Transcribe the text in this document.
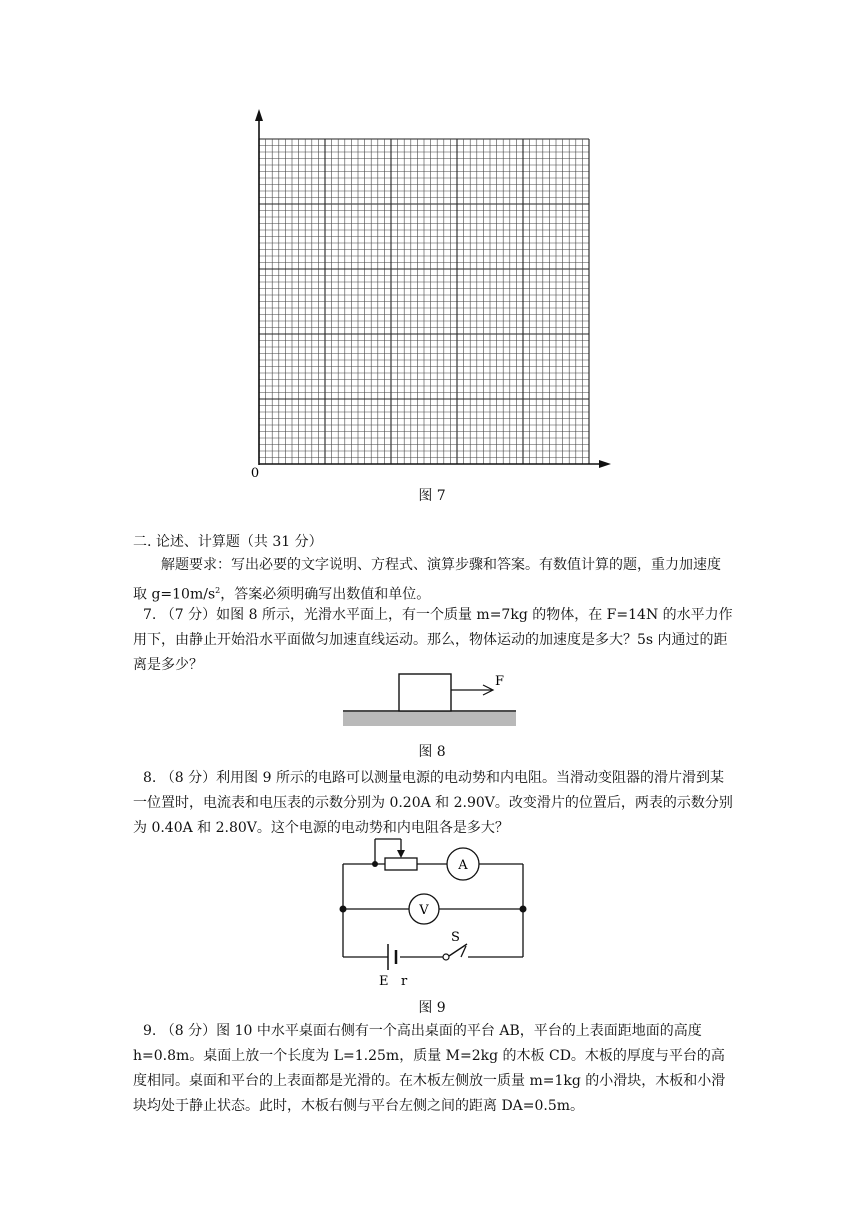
0
图 7
二. 论述、计算题（共 31 分）

解题要求：写出必要的文字说明、方程式、演算步骤和答案。有数值计算的题，重力加速度取 $g=10m/s^2$，答案必须明确写出数值和单位。

7. （7 分）如图 8 所示，光滑水平面上，有一个质量 m=7kg 的物体，在 F=14N 的水平力作用下，由静止开始沿水平面做匀加速直线运动。那么，物体运动的加速度是多大？5s 内通过的距离是多少？

F
图 8

8. （8 分）利用图 9 所示的电路可以测量电源的电动势和内电阻。当滑动变阻器的滑片滑到某一位置时，电流表和电压表的示数分别为 0.20A 和 2.90V。改变滑片的位置后，两表的示数分别为 0.40A 和 2.80V。这个电源的电动势和内电阻各是多大？

A
V
S
E r
图 9

9. （8 分）图 10 中水平桌面右侧有一个高出桌面的平台 AB，平台的上表面距地面的高度 h=0.8m。桌面上放一个长度为 L=1.25m，质量 M=2kg 的木板 CD。木板的厚度与平台的高度相同。桌面和平台的上表面都是光滑的。在木板左侧放一质量 m=1kg 的小滑块，木板和小滑块均处于静止状态。此时，木板右侧与平台左侧之间的距离 DA=0.5m。
